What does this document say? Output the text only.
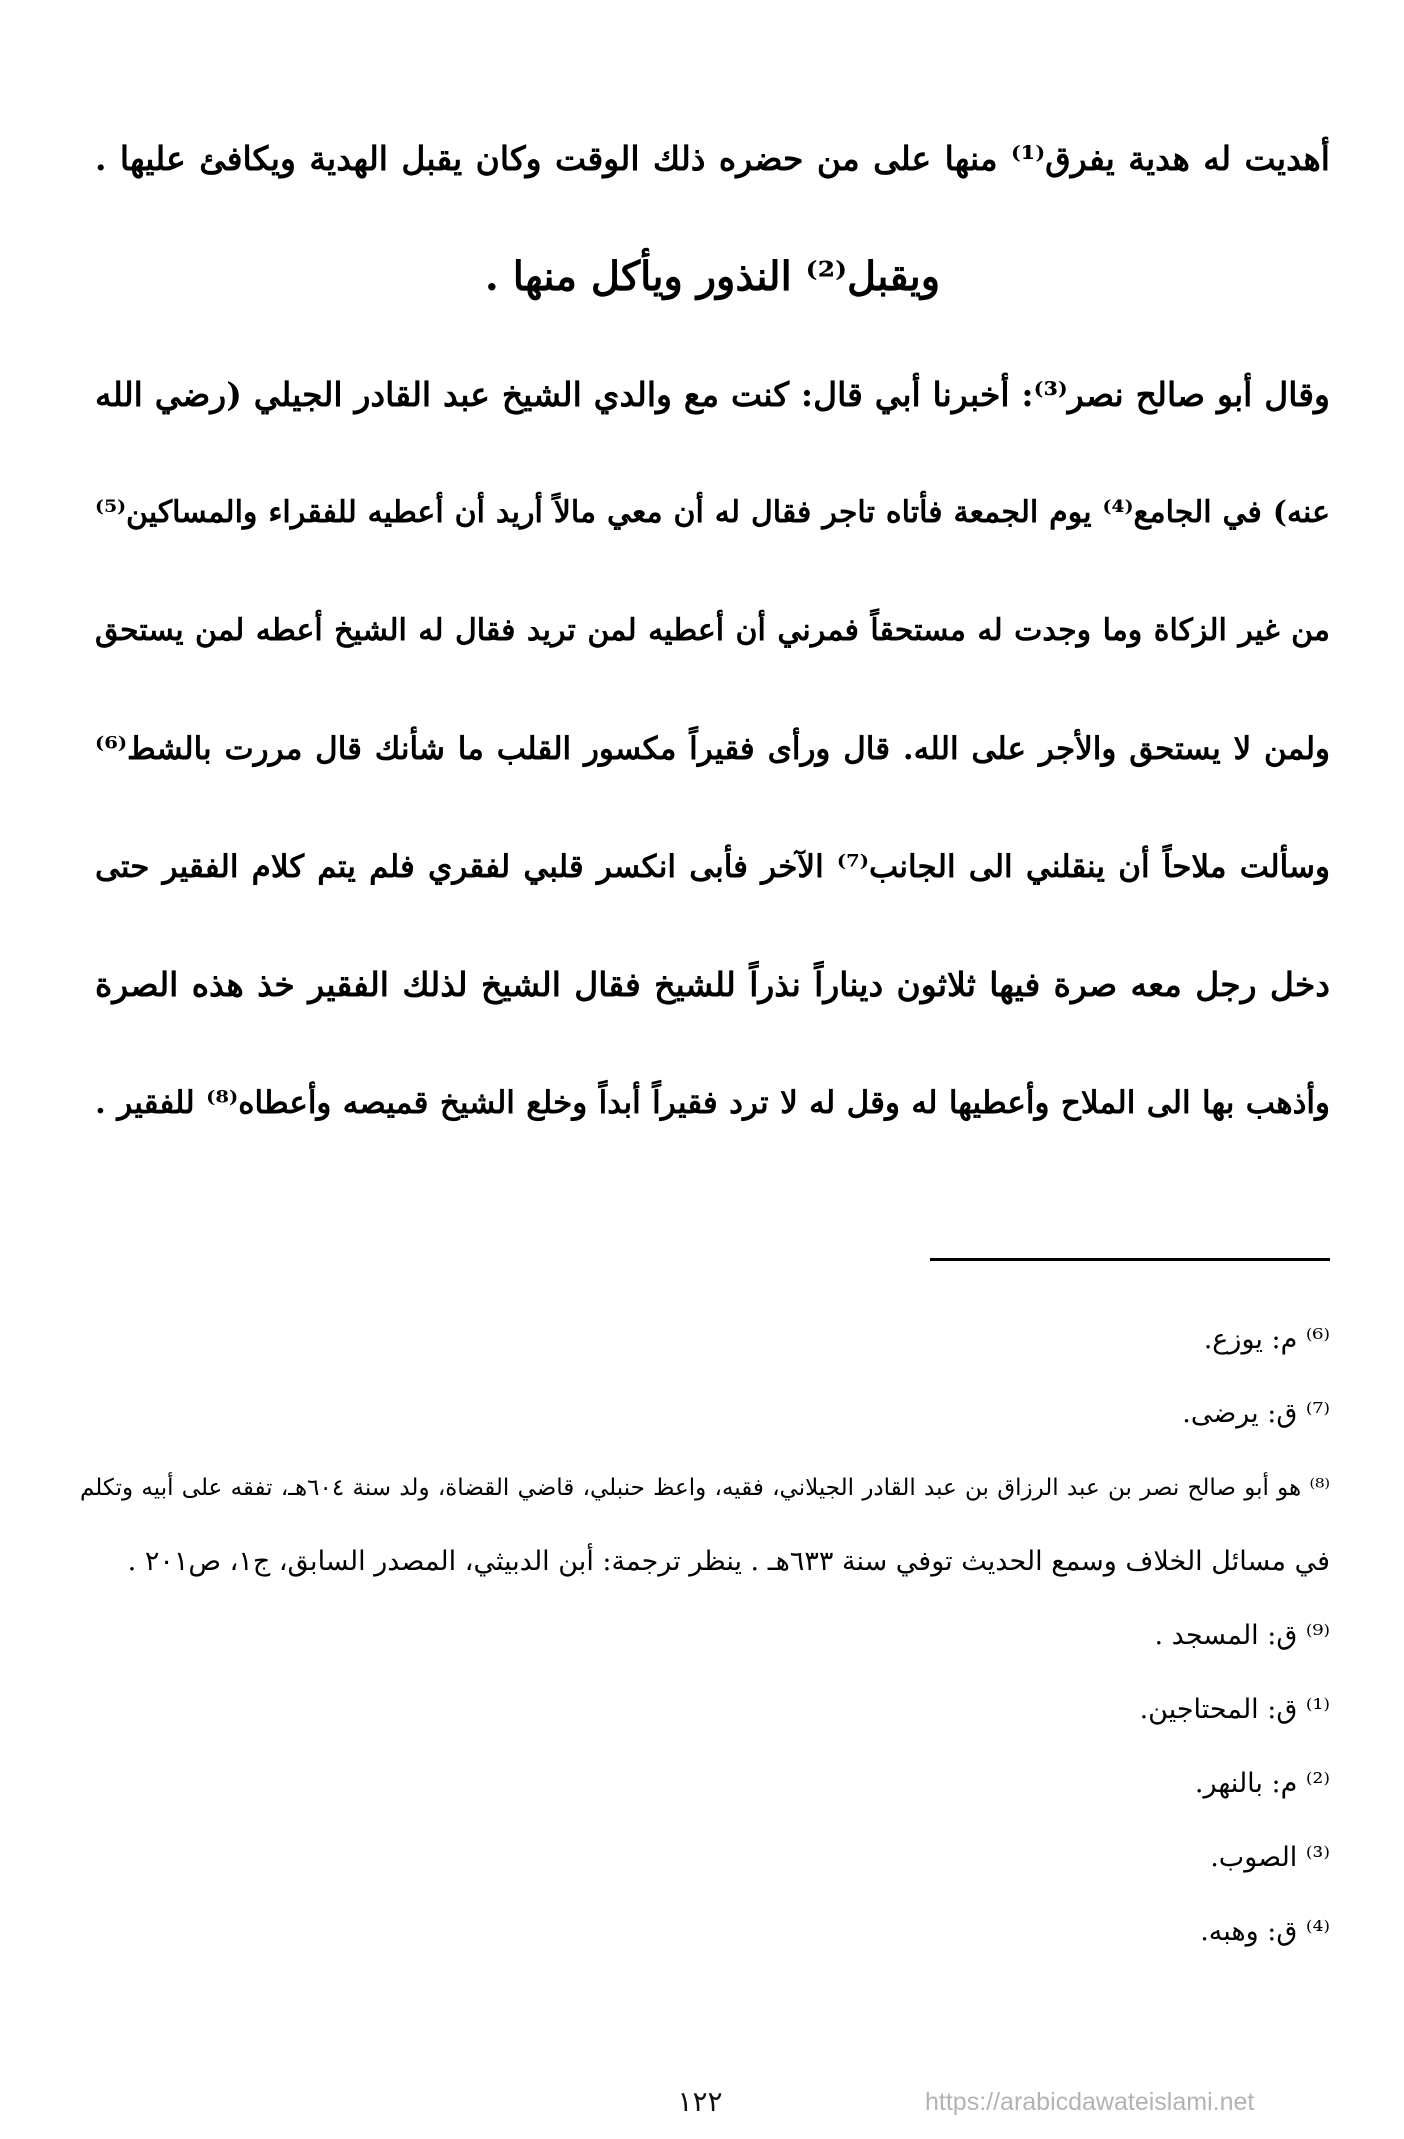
أهديت له هدية يفرق⁽¹⁾ منها على من حضره ذلك الوقت وكان يقبل الهدية ويكافئ عليها .
ويقبل⁽²⁾ النذور ويأكل منها .
وقال أبو صالح نصر⁽³⁾: أخبرنا أبي قال: كنت مع والدي الشيخ عبد القادر الجيلي (رضي الله
عنه) في الجامع⁽⁴⁾ يوم الجمعة فأتاه تاجر فقال له أن معي مالاً أريد أن أعطيه للفقراء والمساكين⁽⁵⁾
من غير الزكاة وما وجدت له مستحقاً فمرني أن أعطيه لمن تريد فقال له الشيخ أعطه لمن يستحق
ولمن لا يستحق والأجر على الله. قال ورأى فقيراً مكسور القلب ما شأنك قال مررت بالشط⁽⁶⁾
وسألت ملاحاً أن ينقلني الى الجانب⁽⁷⁾ الآخر فأبى انكسر قلبي لفقري فلم يتم كلام الفقير حتى
دخل رجل معه صرة فيها ثلاثون ديناراً نذراً للشيخ فقال الشيخ لذلك الفقير خذ هذه الصرة
وأذهب بها الى الملاح وأعطيها له وقل له لا ترد فقيراً أبداً وخلع الشيخ قميصه وأعطاه⁽⁸⁾ للفقير .
⁽⁶⁾ م: يوزع.
⁽⁷⁾ ق: يرضى.
⁽⁸⁾ هو أبو صالح نصر بن عبد الرزاق بن عبد القادر الجيلاني، فقيه، واعظ حنبلي، قاضي القضاة، ولد سنة ٦٠٤هـ، تفقه على أبيه وتكلم
في مسائل الخلاف وسمع الحديث توفي سنة ٦٣٣هـ . ينظر ترجمة: أبن الدبيثي، المصدر السابق، ج١، ص٢٠١ .
⁽⁹⁾ ق: المسجد .
⁽¹⁾ ق: المحتاجين.
⁽²⁾ م: بالنهر.
⁽³⁾ الصوب.
⁽⁴⁾ ق: وهبه.
١٢٢	https://arabicdawateislami.net
